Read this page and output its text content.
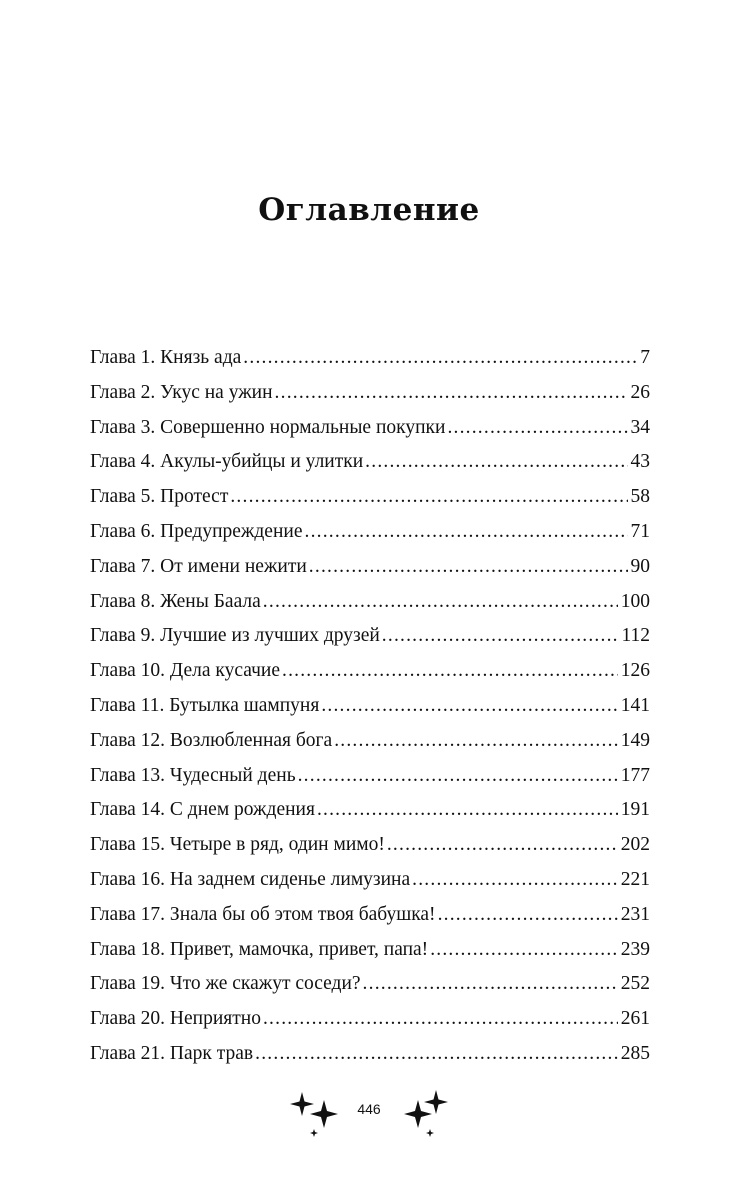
Оглавление
Глава 1. Князь ада .....	7
Глава 2. Укус на ужин .....	26
Глава 3. Совершенно нормальные покупки .....	34
Глава 4. Акулы-убийцы и улитки .....	43
Глава 5. Протест .....	58
Глава 6. Предупреждение .....	71
Глава 7. От имени нежити .....	90
Глава 8. Жены Баала .....	100
Глава 9. Лучшие из лучших друзей .....	112
Глава 10. Дела кусачие .....	126
Глава 11. Бутылка шампуня .....	141
Глава 12. Возлюбленная бога .....	149
Глава 13. Чудесный день .....	177
Глава 14. С днем рождения .....	191
Глава 15. Четыре в ряд, один мимо! .....	202
Глава 16. На заднем сиденье лимузина .....	221
Глава 17. Знала бы об этом твоя бабушка! .....	231
Глава 18. Привет, мамочка, привет, папа! .....	239
Глава 19. Что же скажут соседи? .....	252
Глава 20. Неприятно .....	261
Глава 21. Парк трав .....	285
446
